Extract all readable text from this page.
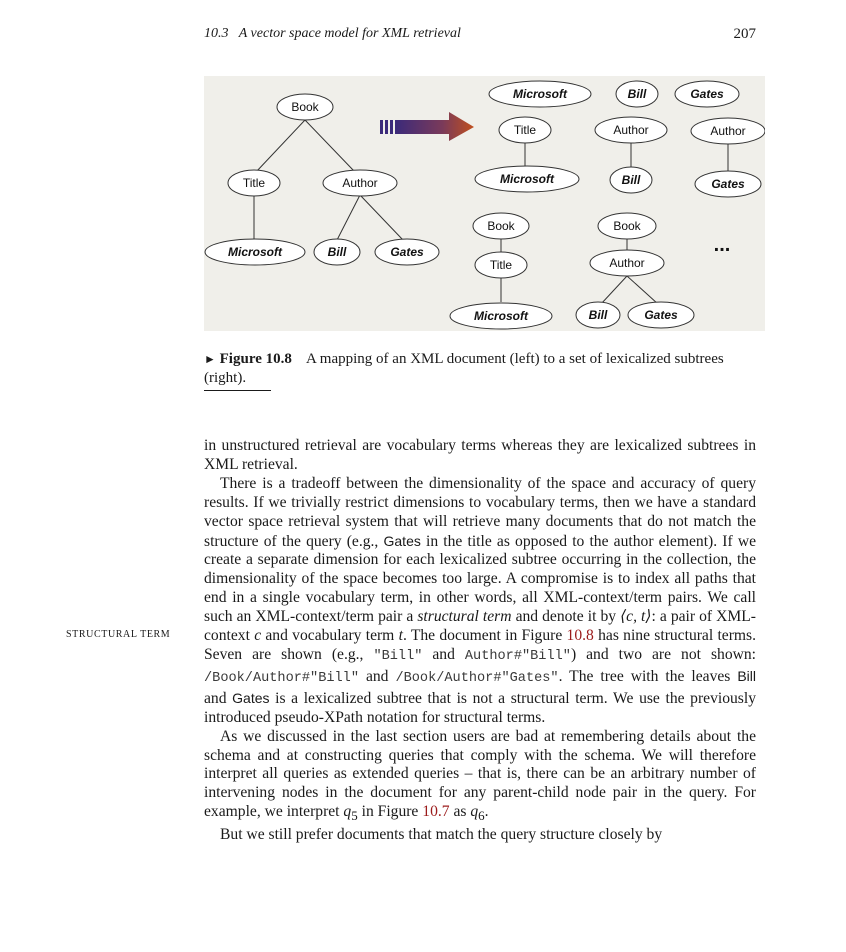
10.3   A vector space model for XML retrieval	207
Book
Title	Author
Microsoft	Bill	Gates
Microsoft	Bill	Gates
Title	Author	Author
Microsoft	Bill	Gates
Book
Title
Microsoft
Book
Author
Bill	Gates
...
► Figure 10.8 A mapping of an XML document (left) to a set of lexicalized subtrees (right).
STRUCTURAL TERM

in unstructured retrieval are vocabulary terms whereas they are lexicalized subtrees in XML retrieval.

There is a tradeoff between the dimensionality of the space and accuracy of query results. If we trivially restrict dimensions to vocabulary terms, then we have a standard vector space retrieval system that will retrieve many documents that do not match the structure of the query (e.g., Gates in the title as opposed to the author element). If we create a separate dimension for each lexicalized subtree occurring in the collection, the dimensionality of the space becomes too large. A compromise is to index all paths that end in a single vocabulary term, in other words, all XML-context/term pairs. We call such an XML-context/term pair a structural term and denote it by ⟨c, t⟩: a pair of XML-context c and vocabulary term t. The document in Figure 10.8 has nine structural terms. Seven are shown (e.g., "Bill" and Author#"Bill") and two are not shown: /Book/Author#"Bill" and /Book/Author#"Gates". The tree with the leaves Bill and Gates is a lexicalized subtree that is not a structural term. We use the previously introduced pseudo-XPath notation for structural terms.

As we discussed in the last section users are bad at remembering details about the schema and at constructing queries that comply with the schema. We will therefore interpret all queries as extended queries – that is, there can be an arbitrary number of intervening nodes in the document for any parent-child node pair in the query. For example, we interpret $q_5$ in Figure 10.7 as $q_6$.

But we still prefer documents that match the query structure closely by
